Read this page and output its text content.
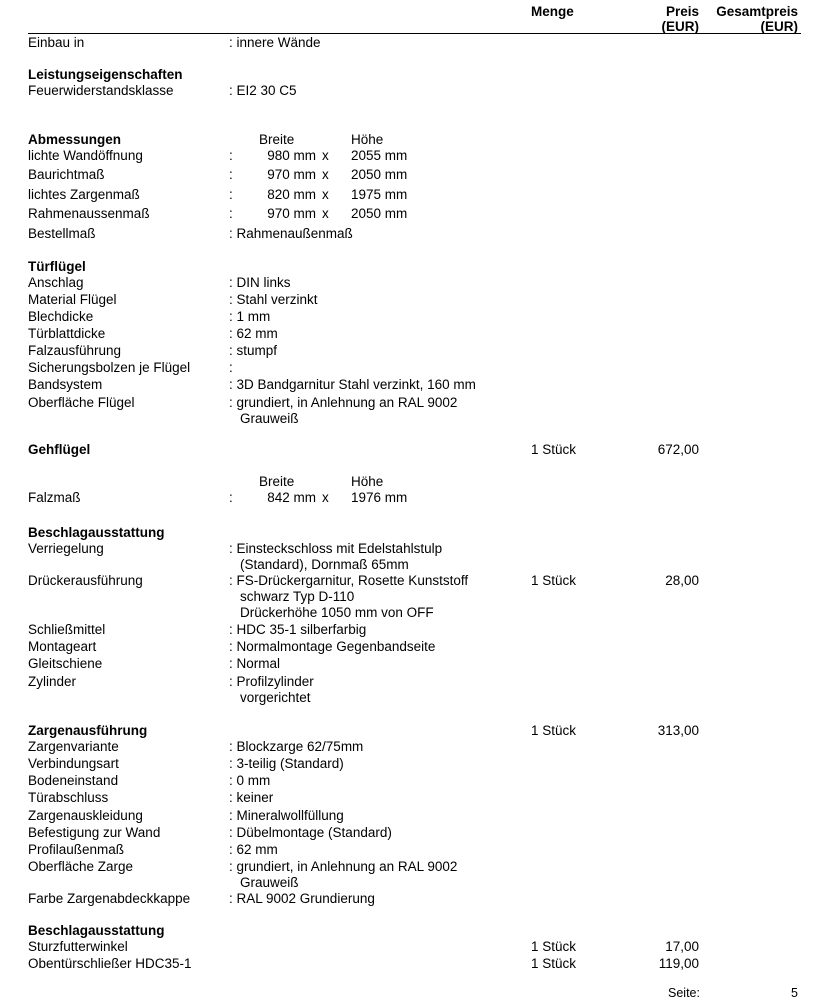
Menge	Preis
(EUR)
Gesamtpreis
(EUR)
Einbau in	: innere Wände
Leistungseigenschaften
Feuerwiderstandsklasse	: EI2 30 C5
Abmessungen	Breite	Höhe
lichte Wandöffnung	:	980 mm x 2055 mm
Baurichtmaß	:	970 mm x 2050 mm
lichtes Zargenmaß	:	820 mm x 1975 mm
Rahmenaussenmaß	:	970 mm x 2050 mm
Bestellmaß	: Rahmenaußenmaß
Türflügel
Anschlag	: DIN links
Material Flügel	: Stahl verzinkt
Blechdicke	: 1 mm
Türblattdicke	: 62 mm
Falzausführung	: stumpf
Sicherungsbolzen je Flügel	:
Bandsystem	: 3D Bandgarnitur Stahl verzinkt, 160 mm
Oberfläche Flügel	: grundiert, in Anlehnung an RAL 9002
Grauweiß
Gehflügel	1 Stück	672,00
Breite	Höhe
Falzmaß	:	842 mm x 1976 mm
Beschlagausstattung
Verriegelung	: Einsteckschloss mit Edelstahlstulp
(Standard), Dornmaß 65mm
Drückerausführung	: FS-Drückergarnitur, Rosette Kunststoff
schwarz Typ D-110
Drückerhöhe 1050 mm von OFF
1 Stück	28,00
Schließmittel	: HDC 35-1 silberfarbig
Montageart	: Normalmontage Gegenbandseite
Gleitschiene	: Normal
Zylinder	: Profilzylinder
vorgerichtet
Zargenausführung	1 Stück	313,00
Zargenvariante	: Blockzarge 62/75mm
Verbindungsart	: 3-teilig (Standard)
Bodeneinstand	: 0 mm
Türabschluss	: keiner
Zargenauskleidung	: Mineralwollfüllung
Befestigung zur Wand	: Dübelmontage (Standard)
Profilaußenmaß	: 62 mm
Oberfläche Zarge	: grundiert, in Anlehnung an RAL 9002
Grauweiß
Farbe Zargenabdeckkappe	: RAL 9002 Grundierung
Beschlagausstattung
Sturzfutterwinkel	1 Stück	17,00
Obentürschließer HDC35-1	1 Stück	119,00
Seite:	5
